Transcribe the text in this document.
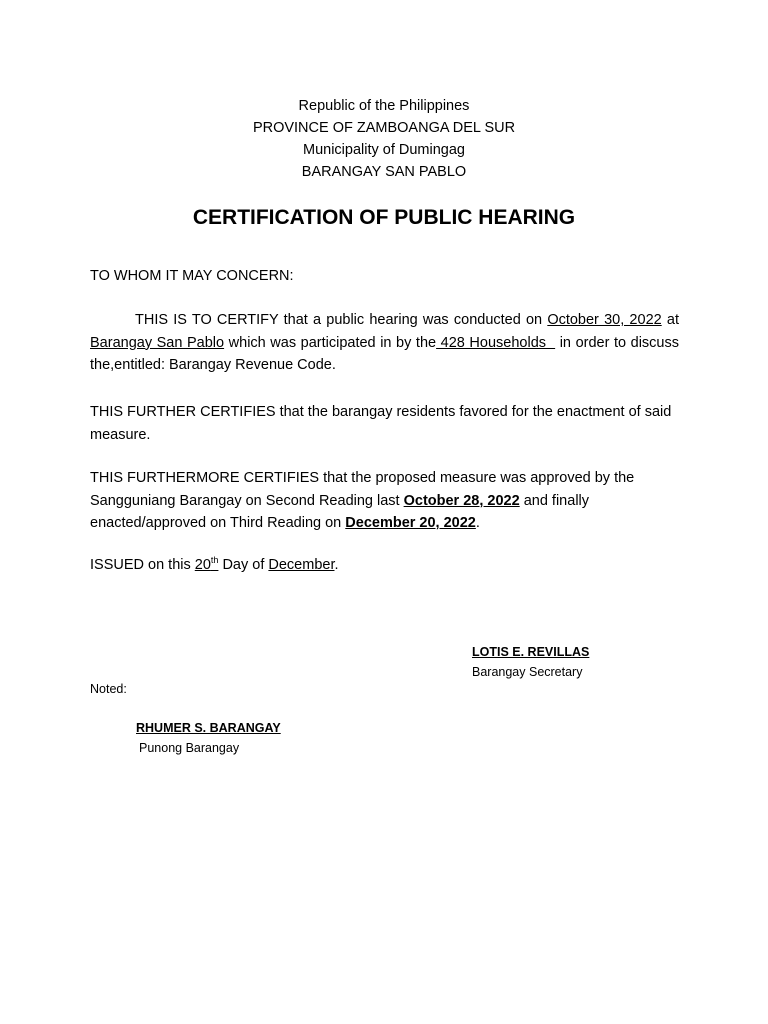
Republic of the Philippines
PROVINCE OF ZAMBOANGA DEL SUR
Municipality of Dumingag
BARANGAY SAN PABLO
CERTIFICATION OF PUBLIC HEARING
TO WHOM IT MAY CONCERN:
THIS IS TO CERTIFY that a public hearing was conducted on October 30, 2022 at Barangay San Pablo which was participated in by the 428 Households   in order to discuss the,entitled: Barangay Revenue Code.
THIS FURTHER CERTIFIES that the barangay residents favored for the enactment of said measure.
THIS FURTHERMORE CERTIFIES that the proposed measure was approved by the Sangguniang Barangay on Second Reading last October 28, 2022 and finally enacted/approved on Third Reading on December 20, 2022.
ISSUED on this 20th Day of December.
LOTIS E. REVILLAS
Barangay Secretary
Noted:
RHUMER S. BARANGAY
Punong Barangay
